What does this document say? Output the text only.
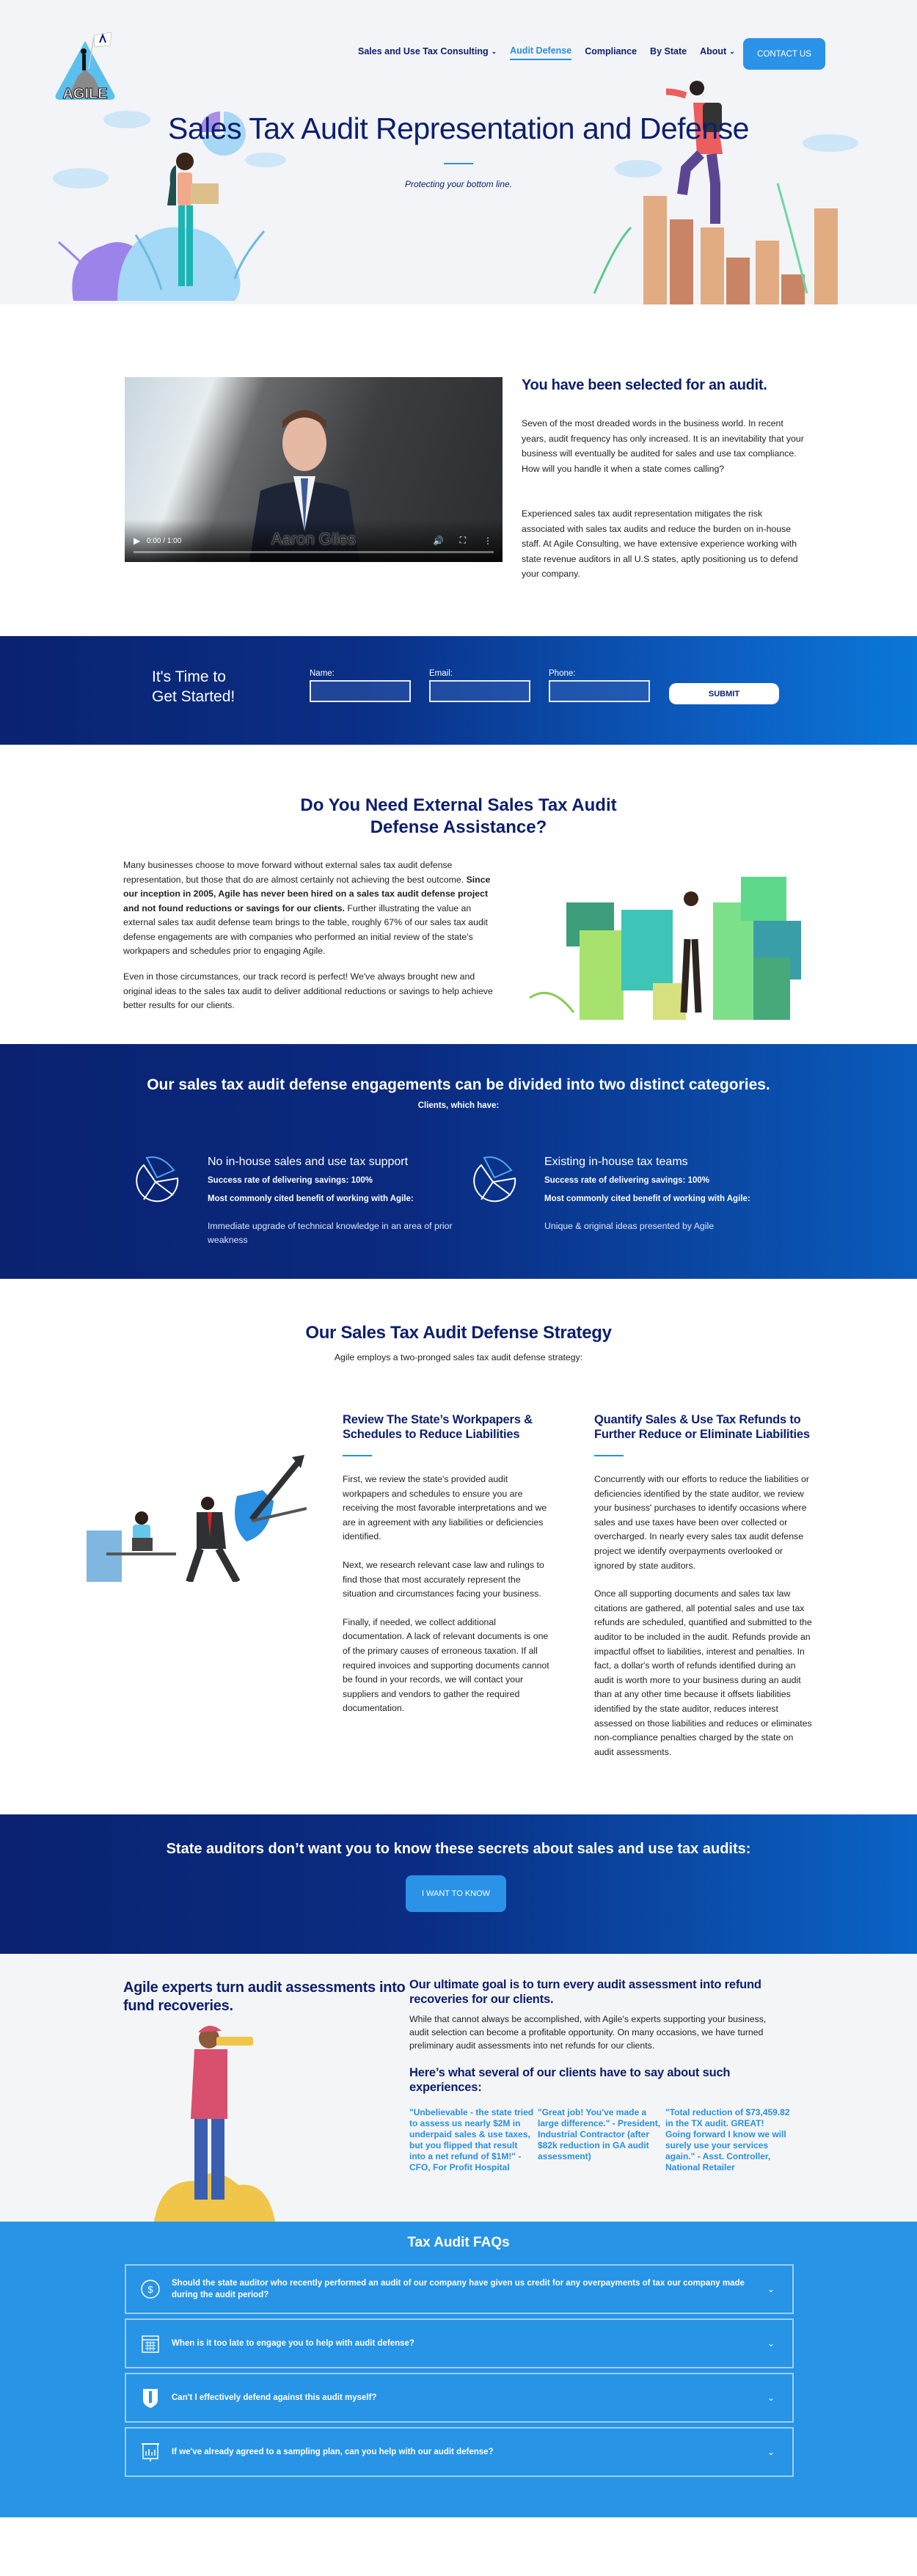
AGILE
Sales and Use Tax Consulting ⌄ Audit Defense Compliance By State About ⌄	CONTACT US
Sales Tax Audit Representation and Defense
Protecting your bottom line.
▶ 0:00 / 1:00	Aaron Giles	🔊 ⛶ ⋮
You have been selected for an audit.

Seven of the most dreaded words in the business world. In recent years, audit frequency has only increased. It is an inevitability that your business will eventually be audited for sales and use tax compliance. How will you handle it when a state comes calling?

Experienced sales tax audit representation mitigates the risk associated with sales tax audits and reduce the burden on in-house staff. At Agile Consulting, we have extensive experience working with state revenue auditors in all U.S states, aptly positioning us to defend your company.

It's Time to
Get Started!
Name:	Email:	Phone:
SUBMIT
Do You Need External Sales Tax Audit
Defense Assistance?

Many businesses choose to move forward without external sales tax audit defense representation, but those that do are almost certainly not achieving the best outcome. Since our inception in 2005, Agile has never been hired on a sales tax audit defense project and not found reductions or savings for our clients. Further illustrating the value an external sales tax audit defense team brings to the table, roughly 67% of our sales tax audit defense engagements are with companies who performed an initial review of the state's workpapers and schedules prior to engaging Agile.

Even in those circumstances, our track record is perfect! We've always brought new and original ideas to the sales tax audit to deliver additional reductions or savings to help achieve better results for our clients.

Our sales tax audit defense engagements can be divided into two distinct categories.
Clients, which have:
No in-house sales and use tax support
Success rate of delivering savings: 100%
Most commonly cited benefit of working with Agile:
Immediate upgrade of technical knowledge in an area of prior weakness
Existing in-house tax teams
Success rate of delivering savings: 100%
Most commonly cited benefit of working with Agile:
Unique & original ideas presented by Agile
Our Sales Tax Audit Defense Strategy
Agile employs a two-pronged sales tax audit defense strategy:
Review The State’s Workpapers & Schedules to Reduce Liabilities

First, we review the state's provided audit workpapers and schedules to ensure you are receiving the most favorable interpretations and we are in agreement with any liabilities or deficiencies identified.

Next, we research relevant case law and rulings to find those that most accurately represent the situation and circumstances facing your business.

Finally, if needed, we collect additional documentation. A lack of relevant documents is one of the primary causes of erroneous taxation. If all required invoices and supporting documents cannot be found in your records, we will contact your suppliers and vendors to gather the required documentation.

Quantify Sales & Use Tax Refunds to Further Reduce or Eliminate Liabilities

Concurrently with our efforts to reduce the liabilities or deficiencies identified by the state auditor, we review your business' purchases to identify occasions where sales and use taxes have been over collected or overcharged. In nearly every sales tax audit defense project we identify overpayments overlooked or ignored by state auditors.

Once all supporting documents and sales tax law citations are gathered, all potential sales and use tax refunds are scheduled, quantified and submitted to the auditor to be included in the audit. Refunds provide an impactful offset to liabilities, interest and penalties. In fact, a dollar's worth of refunds identified during an audit is worth more to your business during an audit than at any other time because it offsets liabilities identified by the state auditor, reduces interest assessed on those liabilities and reduces or eliminates non-compliance penalties charged by the state on audit assessments.

State auditors don’t want you to know these secrets about sales and use tax audits:
I WANT TO KNOW
Agile experts turn audit assessments into fund recoveries.
Our ultimate goal is to turn every audit assessment into refund recoveries for our clients.

While that cannot always be accomplished, with Agile's experts supporting your business, audit selection can become a profitable opportunity. On many occasions, we have turned preliminary audit assessments into net refunds for our clients.

Here’s what several of our clients have to say about such experiences:
"Unbelievable - the state tried to assess us nearly $2M in underpaid sales & use taxes, but you flipped that result into a net refund of $1M!" - CFO, For Profit Hospital
"Great job! You've made a large difference." - President, Industrial Contractor (after $82k reduction in GA audit assessment)
"Total reduction of $73,459.82 in the TX audit. GREAT! Going forward I know we will surely use your services again." - Asst. Controller, National Retailer
Tax Audit FAQs
$
Should the state auditor who recently performed an audit of our company have given us credit for any overpayments of tax our company made during the audit period?
⌄
When is it too late to engage you to help with audit defense?	⌄
Can't I effectively defend against this audit myself?	⌄
If we've already agreed to a sampling plan, can you help with our audit defense?	⌄
